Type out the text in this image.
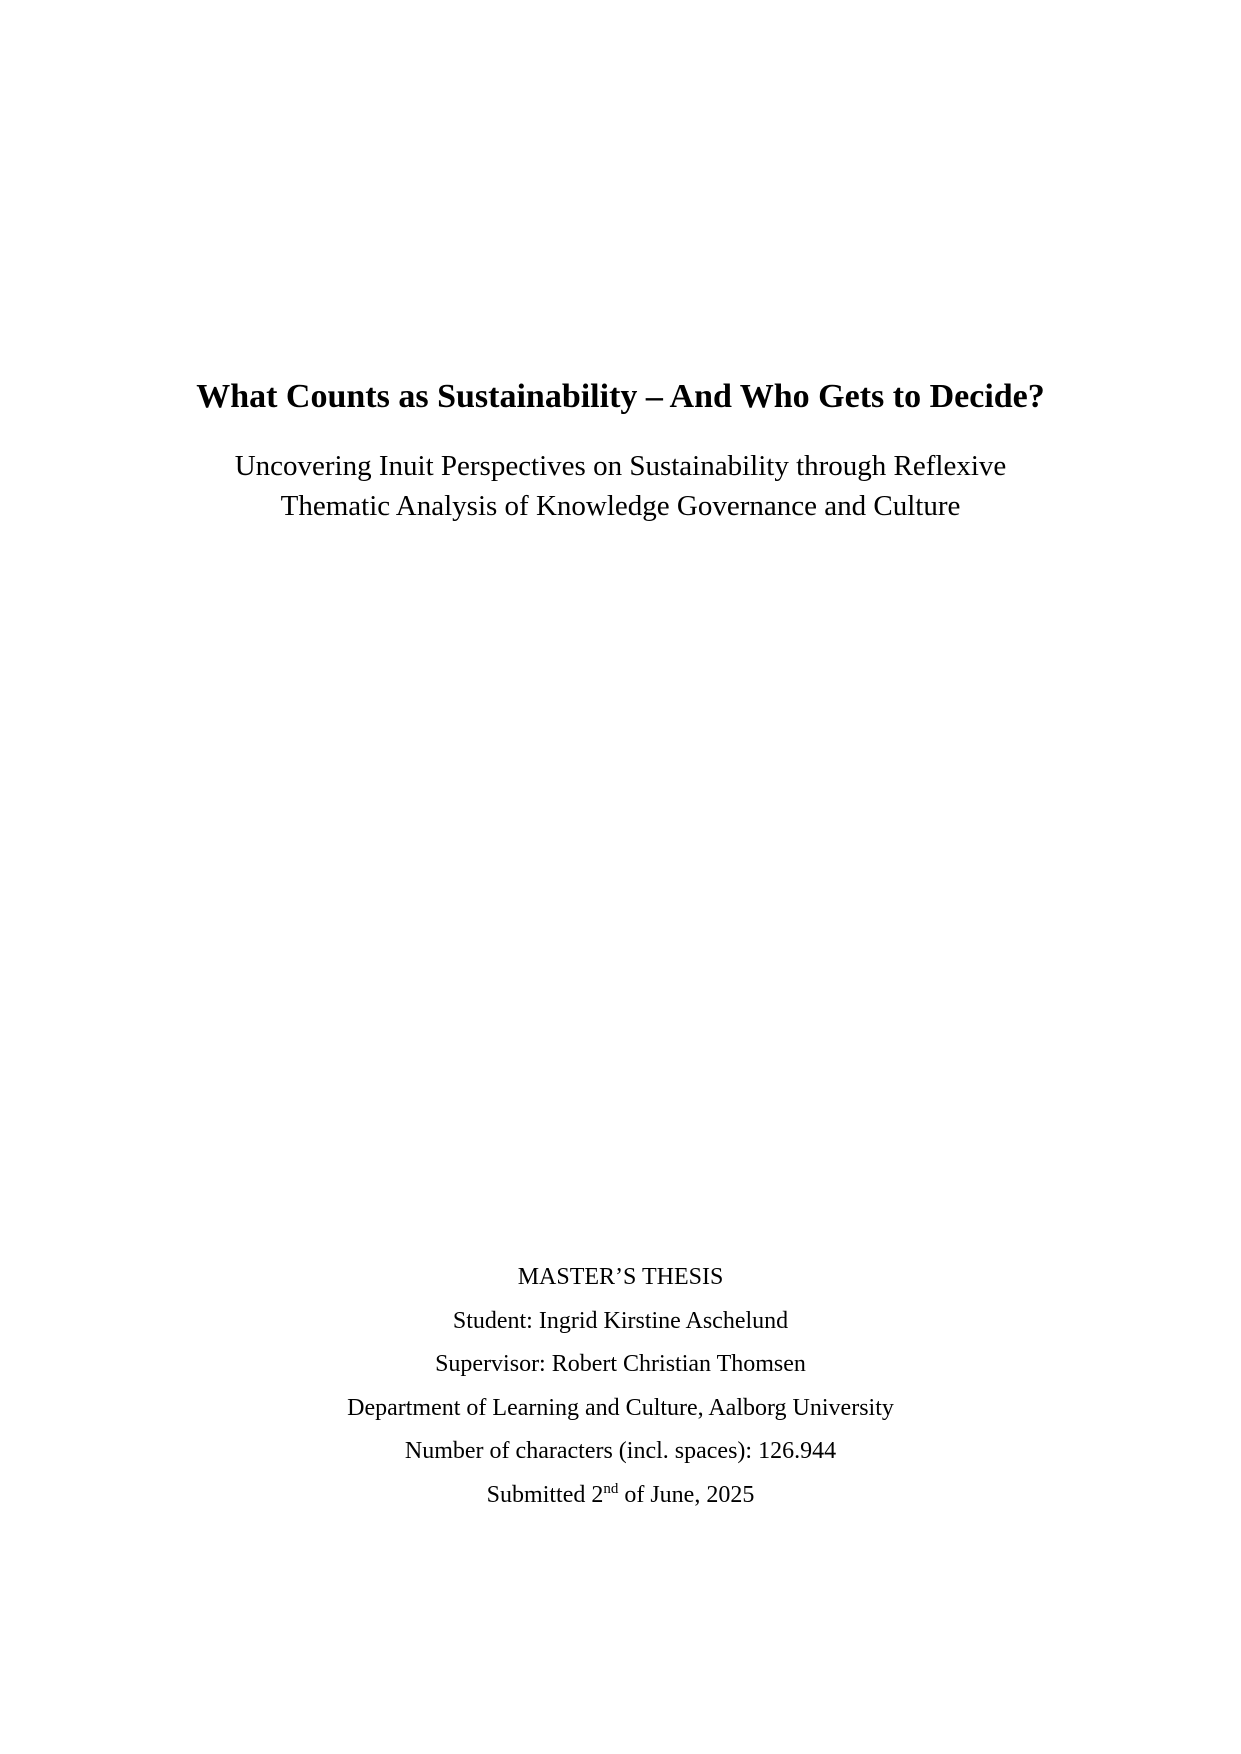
What Counts as Sustainability – And Who Gets to Decide?
Uncovering Inuit Perspectives on Sustainability through Reflexive
Thematic Analysis of Knowledge Governance and Culture
MASTER’S THESIS
Student: Ingrid Kirstine Aschelund
Supervisor: Robert Christian Thomsen
Department of Learning and Culture, Aalborg University
Number of characters (incl. spaces): 126.944
Submitted 2nd of June, 2025
